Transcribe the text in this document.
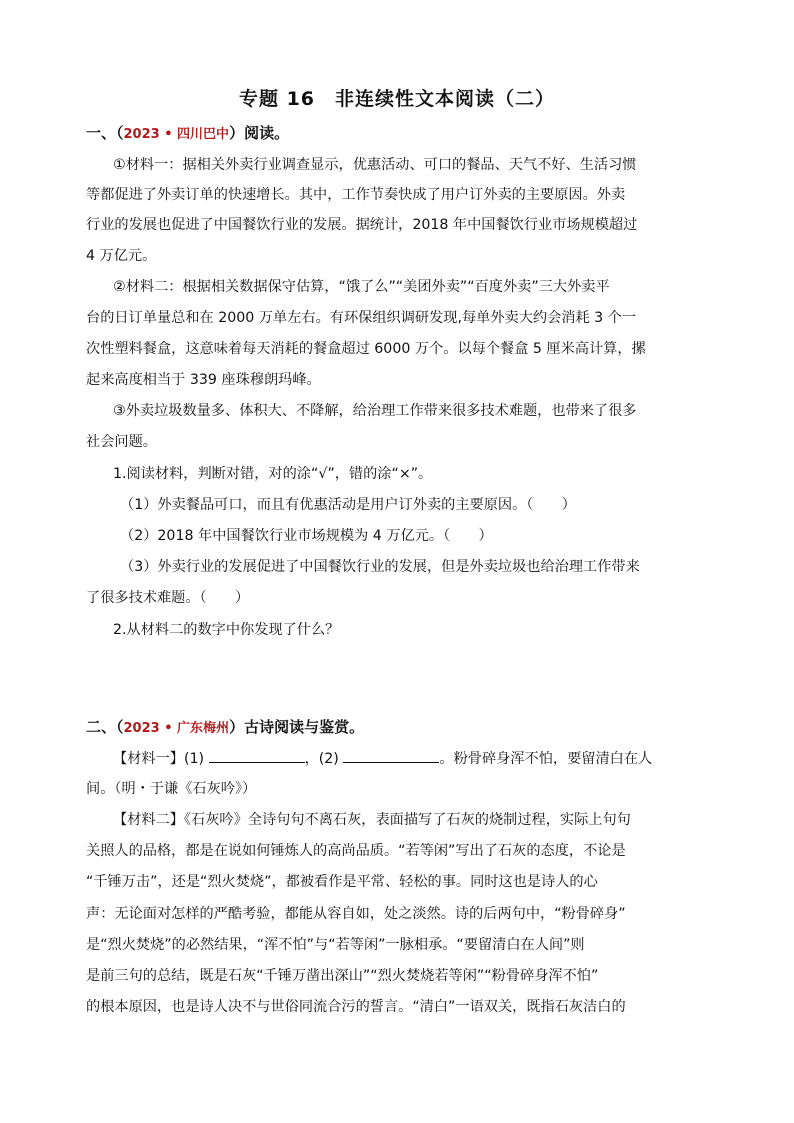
专题 16　非连续性文本阅读（二）
一、（2023 • 四川巴中）阅读。
①材料一：据相关外卖行业调查显示，优惠活动、可口的餐品、天气不好、生活习惯
等都促进了外卖订单的快速增长。其中，工作节奏快成了用户订外卖的主要原因。外卖
行业的发展也促进了中国餐饮行业的发展。据统计，2018 年中国餐饮行业市场规模超过
4 万亿元。
②材料二：根据相关数据保守估算，“饿了么”“美团外卖”“百度外卖”三大外卖平
台的日订单量总和在 2000 万单左右。有环保组织调研发现,每单外卖大约会消耗 3 个一
次性塑料餐盒，这意味着每天消耗的餐盒超过 6000 万个。以每个餐盒 5 厘米高计算，摞
起来高度相当于 339 座珠穆朗玛峰。
③外卖垃圾数量多、体积大、不降解，给治理工作带来很多技术难题，也带来了很多
社会问题。
1.阅读材料，判断对错，对的涂“√”，错的涂“×”。
（1）外卖餐品可口，而且有优惠活动是用户订外卖的主要原因。（　　）
（2）2018 年中国餐饮行业市场规模为 4 万亿元。（　　）
（3）外卖行业的发展促进了中国餐饮行业的发展，但是外卖垃圾也给治理工作带来
了很多技术难题。（　　）
2.从材料二的数字中你发现了什么？
二、（2023 • 广东梅州）古诗阅读与鉴赏。
【材料一】(1)	，(2)	。粉骨碎身浑不怕，要留清白在人
间。（明・于谦《石灰吟》）
【材料二】《石灰吟》全诗句句不离石灰，表面描写了石灰的烧制过程，实际上句句
关照人的品格，都是在说如何锤炼人的高尚品质。“若等闲”写出了石灰的态度，不论是
“千锤万击”，还是“烈火焚烧”，都被看作是平常、轻松的事。同时这也是诗人的心
声：无论面对怎样的严酷考验，都能从容自如，处之淡然。诗的后两句中，“粉骨碎身”
是“烈火焚烧”的必然结果，“浑不怕”与“若等闲”一脉相承。“要留清白在人间”则
是前三句的总结，既是石灰“千锤万凿出深山”“烈火焚烧若等闲”“粉骨碎身浑不怕”
的根本原因，也是诗人决不与世俗同流合污的誓言。“清白”一语双关，既指石灰洁白的
